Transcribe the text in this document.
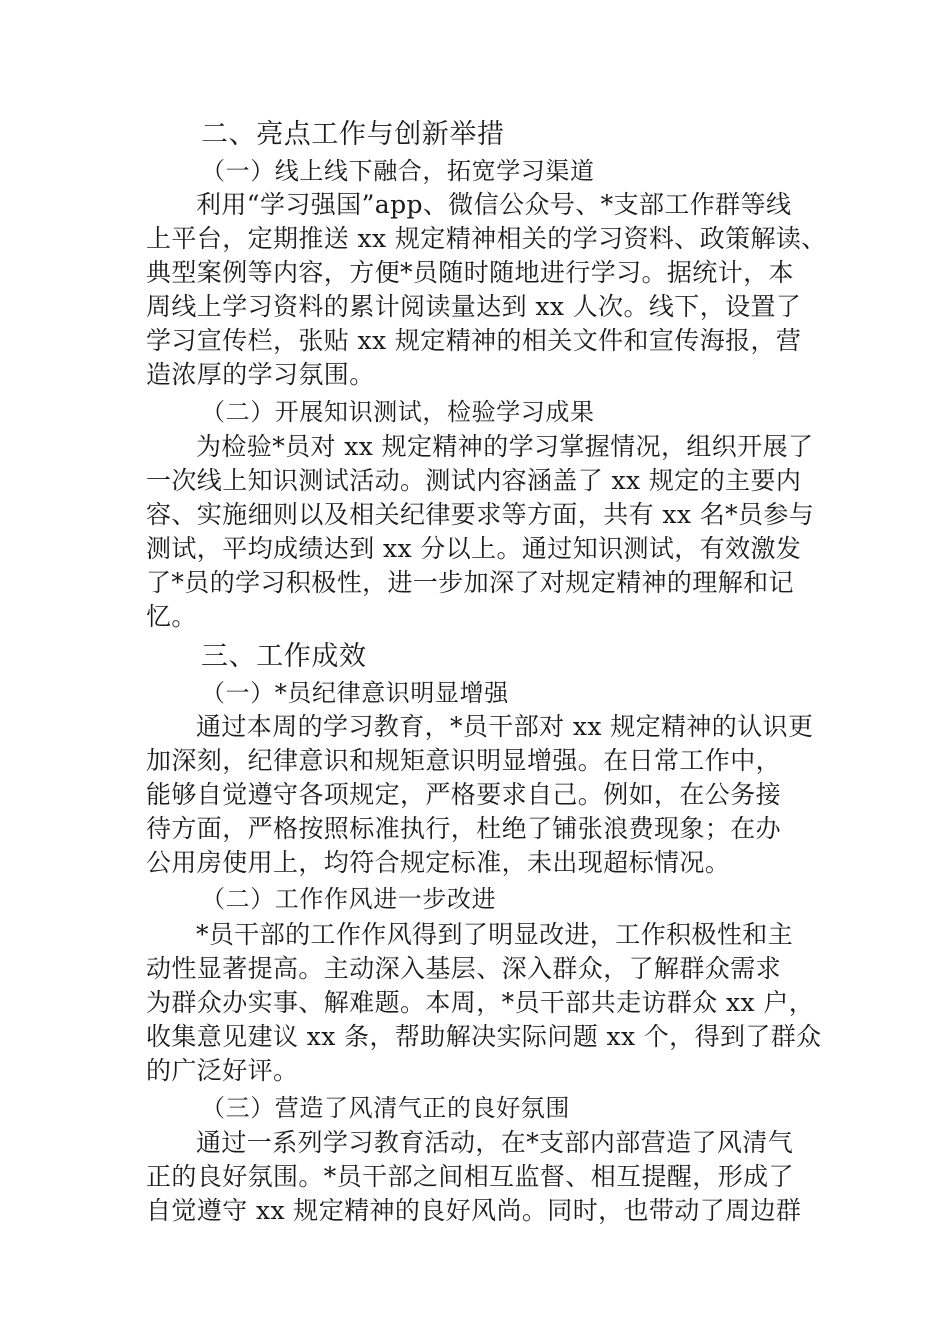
二、亮点工作与创新举措
（一）线上线下融合，拓宽学习渠道
利用“学习强国”app、微信公众号、*支部工作群等线
上平台，定期推送 xx 规定精神相关的学习资料、政策解读、
典型案例等内容，方便*员随时随地进行学习。据统计，本
周线上学习资料的累计阅读量达到 xx 人次。线下，设置了
学习宣传栏，张贴 xx 规定精神的相关文件和宣传海报，营
造浓厚的学习氛围。
（二）开展知识测试，检验学习成果
为检验*员对 xx 规定精神的学习掌握情况，组织开展了
一次线上知识测试活动。测试内容涵盖了 xx 规定的主要内
容、实施细则以及相关纪律要求等方面，共有 xx 名*员参与
测试，平均成绩达到 xx 分以上。通过知识测试，有效激发
了*员的学习积极性，进一步加深了对规定精神的理解和记
忆。
三、工作成效
（一）*员纪律意识明显增强
通过本周的学习教育，*员干部对 xx 规定精神的认识更
加深刻，纪律意识和规矩意识明显增强。在日常工作中，
能够自觉遵守各项规定，严格要求自己。例如，在公务接
待方面，严格按照标准执行，杜绝了铺张浪费现象；在办
公用房使用上，均符合规定标准，未出现超标情况。
（二）工作作风进一步改进
*员干部的工作作风得到了明显改进，工作积极性和主
动性显著提高。主动深入基层、深入群众，了解群众需求
为群众办实事、解难题。本周，*员干部共走访群众 xx 户，
收集意见建议 xx 条，帮助解决实际问题 xx 个，得到了群众
的广泛好评。
（三）营造了风清气正的良好氛围
通过一系列学习教育活动，在*支部内部营造了风清气
正的良好氛围。*员干部之间相互监督、相互提醒，形成了
自觉遵守 xx 规定精神的良好风尚。同时，也带动了周边群
